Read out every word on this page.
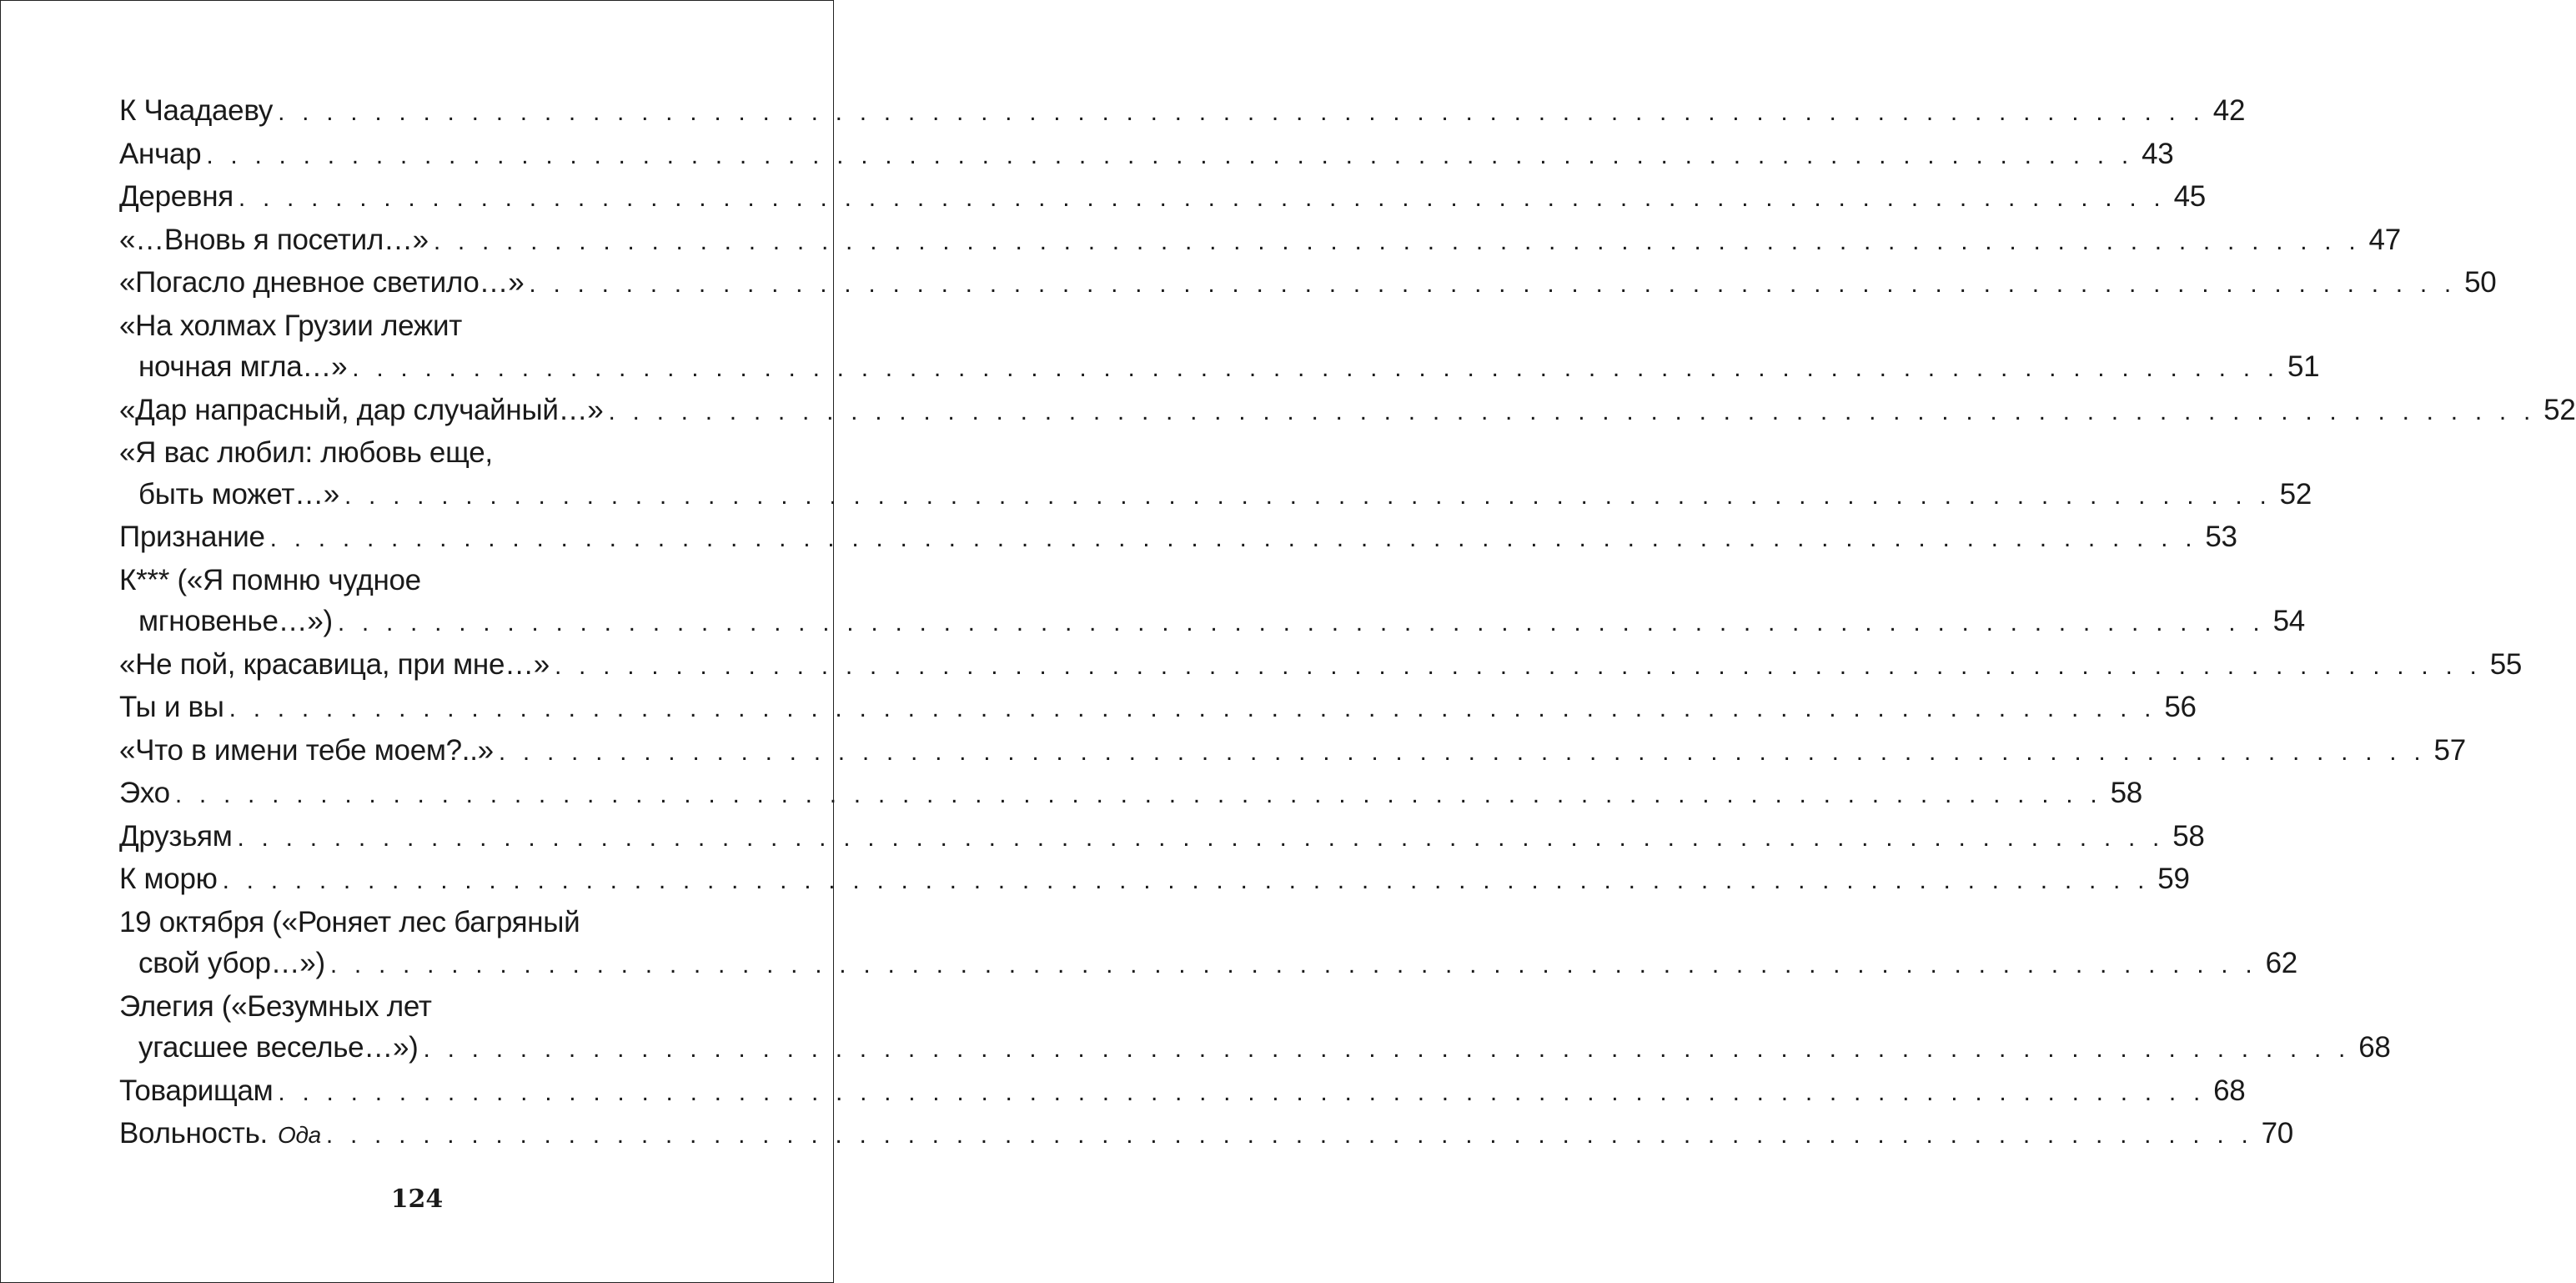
К Чаадаеву . . . . . . . . . . . . . . . . . . . . . . . . . . . . . . . . . . . . . . . . . . . . . . . . . . . . . . . . . . . . . . . . . . . . . . . . . . . . . . . . 42
Анчар . . . . . . . . . . . . . . . . . . . . . . . . . . . . . . . . . . . . . . . . . . . . . . . . . . . . . . . . . . . . . . . . . . . . . . . . . . . . . . . . 43
Деревня . . . . . . . . . . . . . . . . . . . . . . . . . . . . . . . . . . . . . . . . . . . . . . . . . . . . . . . . . . . . . . . . . . . . . . . . . . . . . . . . 45
«…Вновь я посетил…» . . . . . . . . . . . . . . . . . . . . . . . . . . . . . . . . . . . . . . . . . . . . . . . . . . . . . . . . . . . . . . . . . . . . . . . . . . . . . . . . 47
«Погасло дневное светило…» . . . . . . . . . . . . . . . . . . . . . . . . . . . . . . . . . . . . . . . . . . . . . . . . . . . . . . . . . . . . . . . . . . . . . . . . . . . . . . . . 50
«На холмах Грузии лежит
ночная мгла…» . . . . . . . . . . . . . . . . . . . . . . . . . . . . . . . . . . . . . . . . . . . . . . . . . . . . . . . . . . . . . . . . . . . . . . . . . . . . . . . . 51
«Дар напрасный, дар случайный…» . . . . . . . . . . . . . . . . . . . . . . . . . . . . . . . . . . . . . . . . . . . . . . . . . . . . . . . . . . . . . . . . . . . . . . . . . . . . . . . . 52
«Я вас любил: любовь еще,
быть может…» . . . . . . . . . . . . . . . . . . . . . . . . . . . . . . . . . . . . . . . . . . . . . . . . . . . . . . . . . . . . . . . . . . . . . . . . . . . . . . . . 52
Признание . . . . . . . . . . . . . . . . . . . . . . . . . . . . . . . . . . . . . . . . . . . . . . . . . . . . . . . . . . . . . . . . . . . . . . . . . . . . . . . . 53
К*** («Я помню чудное
мгновенье…») . . . . . . . . . . . . . . . . . . . . . . . . . . . . . . . . . . . . . . . . . . . . . . . . . . . . . . . . . . . . . . . . . . . . . . . . . . . . . . . . 54
«Не пой, красавица, при мне…» . . . . . . . . . . . . . . . . . . . . . . . . . . . . . . . . . . . . . . . . . . . . . . . . . . . . . . . . . . . . . . . . . . . . . . . . . . . . . . . . 55
Ты и вы . . . . . . . . . . . . . . . . . . . . . . . . . . . . . . . . . . . . . . . . . . . . . . . . . . . . . . . . . . . . . . . . . . . . . . . . . . . . . . . . 56
«Что в имени тебе моем?..» . . . . . . . . . . . . . . . . . . . . . . . . . . . . . . . . . . . . . . . . . . . . . . . . . . . . . . . . . . . . . . . . . . . . . . . . . . . . . . . . 57
Эхо . . . . . . . . . . . . . . . . . . . . . . . . . . . . . . . . . . . . . . . . . . . . . . . . . . . . . . . . . . . . . . . . . . . . . . . . . . . . . . . . 58
Друзьям . . . . . . . . . . . . . . . . . . . . . . . . . . . . . . . . . . . . . . . . . . . . . . . . . . . . . . . . . . . . . . . . . . . . . . . . . . . . . . . . 58
К морю . . . . . . . . . . . . . . . . . . . . . . . . . . . . . . . . . . . . . . . . . . . . . . . . . . . . . . . . . . . . . . . . . . . . . . . . . . . . . . . . 59
19 октября («Роняет лес багряный
свой убор…») . . . . . . . . . . . . . . . . . . . . . . . . . . . . . . . . . . . . . . . . . . . . . . . . . . . . . . . . . . . . . . . . . . . . . . . . . . . . . . . . 62
Элегия («Безумных лет
угасшее веселье…») . . . . . . . . . . . . . . . . . . . . . . . . . . . . . . . . . . . . . . . . . . . . . . . . . . . . . . . . . . . . . . . . . . . . . . . . . . . . . . . . 68
Товарищам . . . . . . . . . . . . . . . . . . . . . . . . . . . . . . . . . . . . . . . . . . . . . . . . . . . . . . . . . . . . . . . . . . . . . . . . . . . . . . . . 68
Вольность. Ода . . . . . . . . . . . . . . . . . . . . . . . . . . . . . . . . . . . . . . . . . . . . . . . . . . . . . . . . . . . . . . . . . . . . . . . . . . . . . . . . 70
124
